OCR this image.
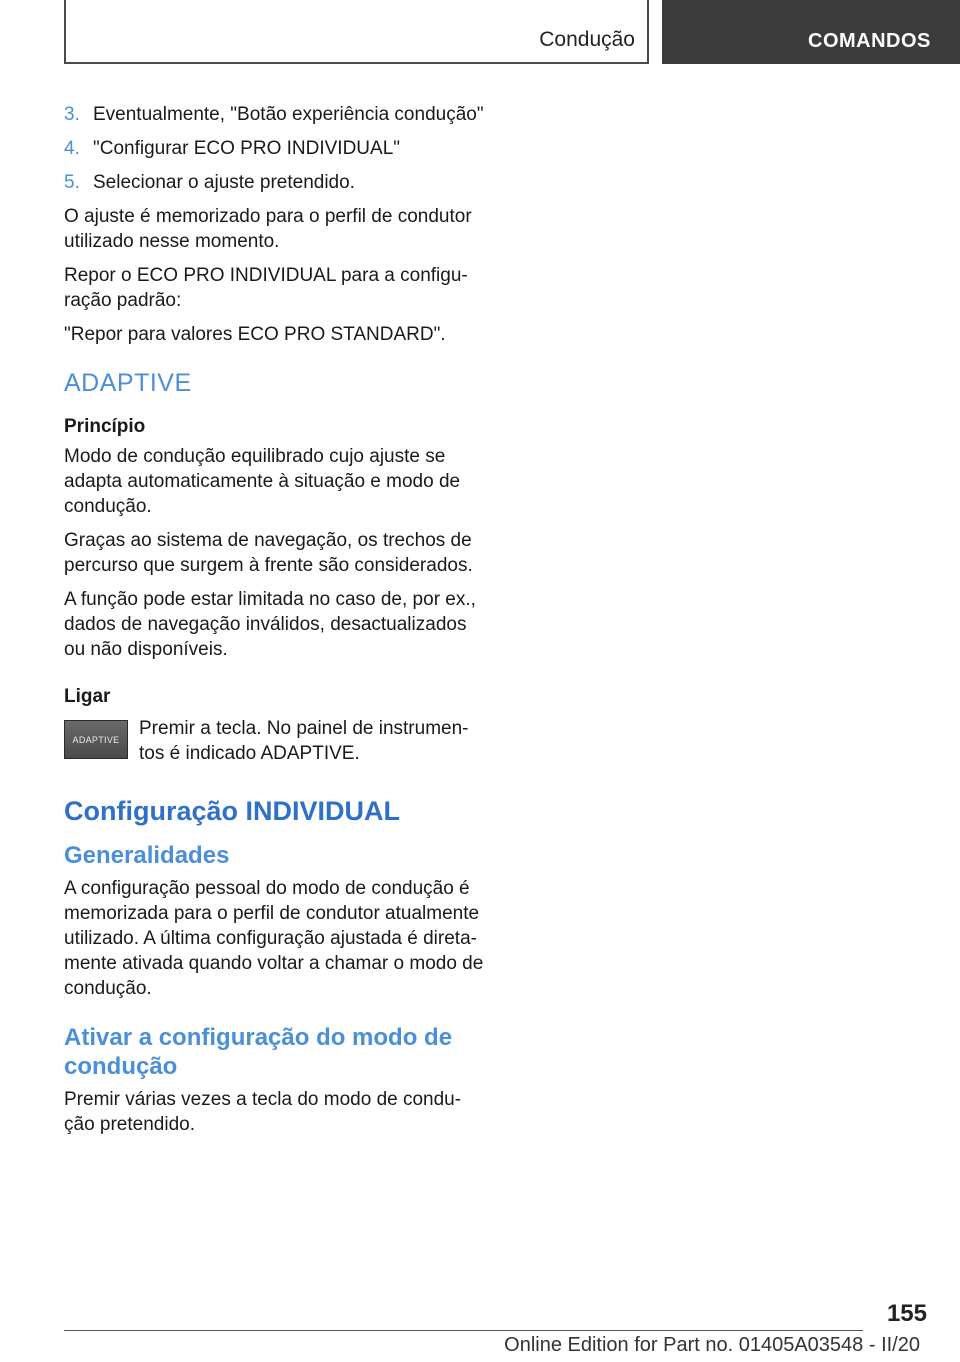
Condução	COMANDOS
3. Eventualmente, "Botão experiência condução"
4. "Configurar ECO PRO INDIVIDUAL"
5. Selecionar o ajuste pretendido.

O ajuste é memorizado para o perfil de condutor utilizado nesse momento.

Repor o ECO PRO INDIVIDUAL para a configuração padrão:

"Repor para valores ECO PRO STANDARD".

ADAPTIVE
Princípio

Modo de condução equilibrado cujo ajuste se adapta automaticamente à situação e modo de condução.

Graças ao sistema de navegação, os trechos de percurso que surgem à frente são considerados.

A função pode estar limitada no caso de, por ex., dados de navegação inválidos, desactualizados ou não disponíveis.

Ligar
ADAPTIVE

Premir a tecla. No painel de instrumentos é indicado ADAPTIVE.

Configuração INDIVIDUAL
Generalidades

A configuração pessoal do modo de condução é memorizada para o perfil de condutor atualmente utilizado. A última configuração ajustada é diretamente ativada quando voltar a chamar o modo de condução.

Ativar a configuração do modo de condução

Premir várias vezes a tecla do modo de condução pretendido.

155
Online Edition for Part no. 01405A03548 - II/20
